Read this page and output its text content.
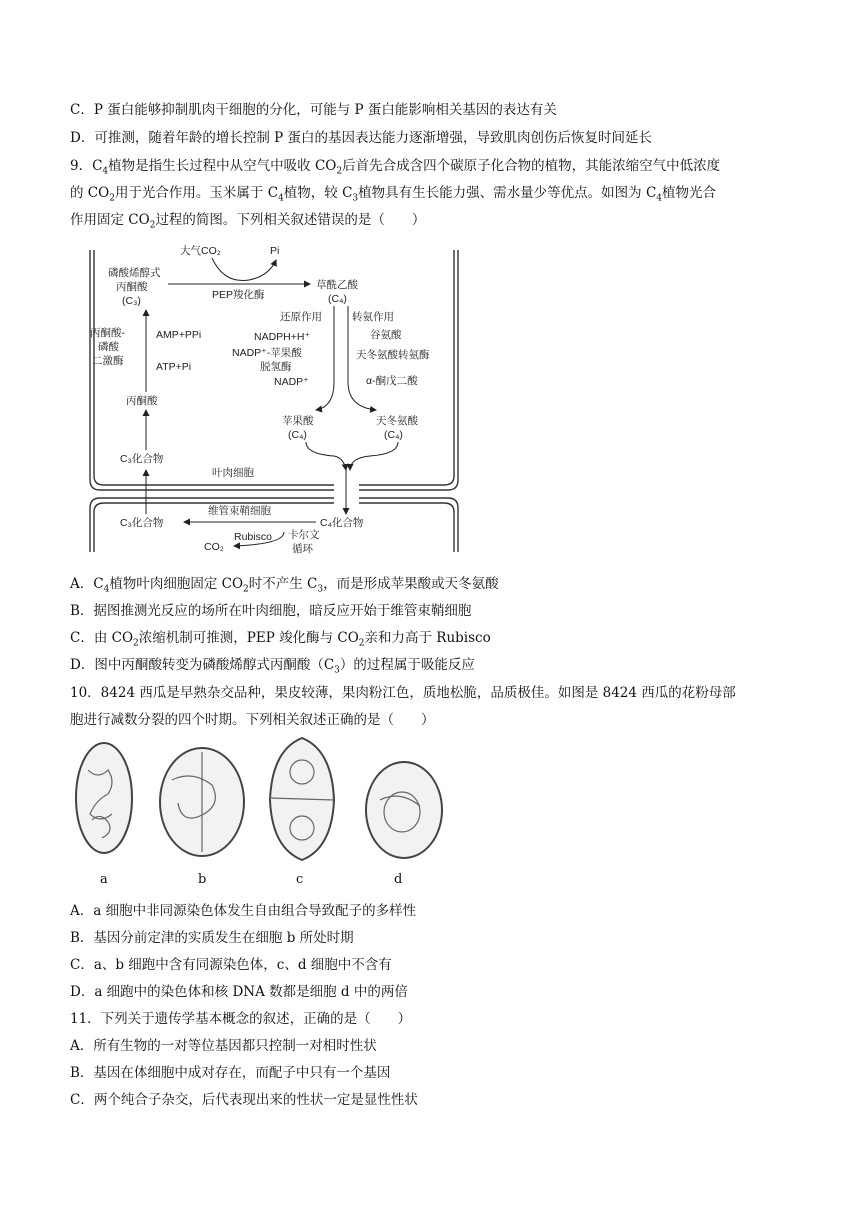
C．P 蛋白能够抑制肌肉干细胞的分化，可能与 P 蛋白能影响相关基因的表达有关
D．可推测，随着年龄的增长控制 P 蛋白的基因表达能力逐渐增强，导致肌肉创伤后恢复时间延长
9．$C_4$植物是指生长过程中从空气中吸收 $CO_2$后首先合成含四个碳原子化合物的植物，其能浓缩空气中低浓度
的 $CO_2$用于光合作用。玉米属于 $C_4$植物，较 $C_3$植物具有生长能力强、需水量少等优点。如图为 $C_4$植物光合
作用固定 $CO_2$过程的简图。下列相关叙述错误的是（　　）
大气CO₂	Pi
磷酸烯醇式
丙酮酸
(C₃)	PEP羧化酶
草酰乙酸
(C₄)
还原作用	转氨作用
NADPH+H⁺
NADP⁺-苹果酸
脱氢酶
NADP⁺
谷氨酸
天冬氨酸转氨酶
α-酮戊二酸
丙酮酸-
磷酸
二激酶
AMP+PPi
ATP+Pi
丙酮酸
C₃化合物
苹果酸
(C₄)
天冬氨酸
(C₄)
叶肉细胞
C₃化合物
维管束鞘细胞
C₄化合物
CO₂
Rubisco 卡尔文
循环
A．$C_4$植物叶肉细胞固定 $CO_2$时不产生 $C_3$，而是形成苹果酸或天冬氨酸
B．据图推测光反应的场所在叶肉细胞，暗反应开始于维管束鞘细胞
C．由 $CO_2$浓缩机制可推测，PEP 竣化酶与 $CO_2$亲和力高于 Rubisco
D．图中丙酮酸转变为磷酸烯醇式丙酮酸$(C_3)$的过程属于吸能反应
10．8424 西瓜是早熟杂交品种，果皮较薄，果肉粉江色，质地松脆，品质极佳。如图是 8424 西瓜的花粉母部
胞进行减数分裂的四个时期。下列相关叙述正确的是（　　）
a	b	c	d
A．a 细胞中非同源染色体发生自由组合导致配子的多样性
B．基因分前定津的实质发生在细胞 b 所处时期
C．a、b 细跑中含有同源染色体，c、d 细胞中不含有
D．a 细跑中的染色体和核 DNA 数都是细胞 d 中的两倍
11．下列关于遗传学基本概念的叙述，正确的是（　　）
A．所有生物的一对等位基因都只控制一对相时性状
B．基因在体细胞中成对存在，而配子中只有一个基因
C．两个纯合子杂交，后代表现出来的性状一定是显性性状
